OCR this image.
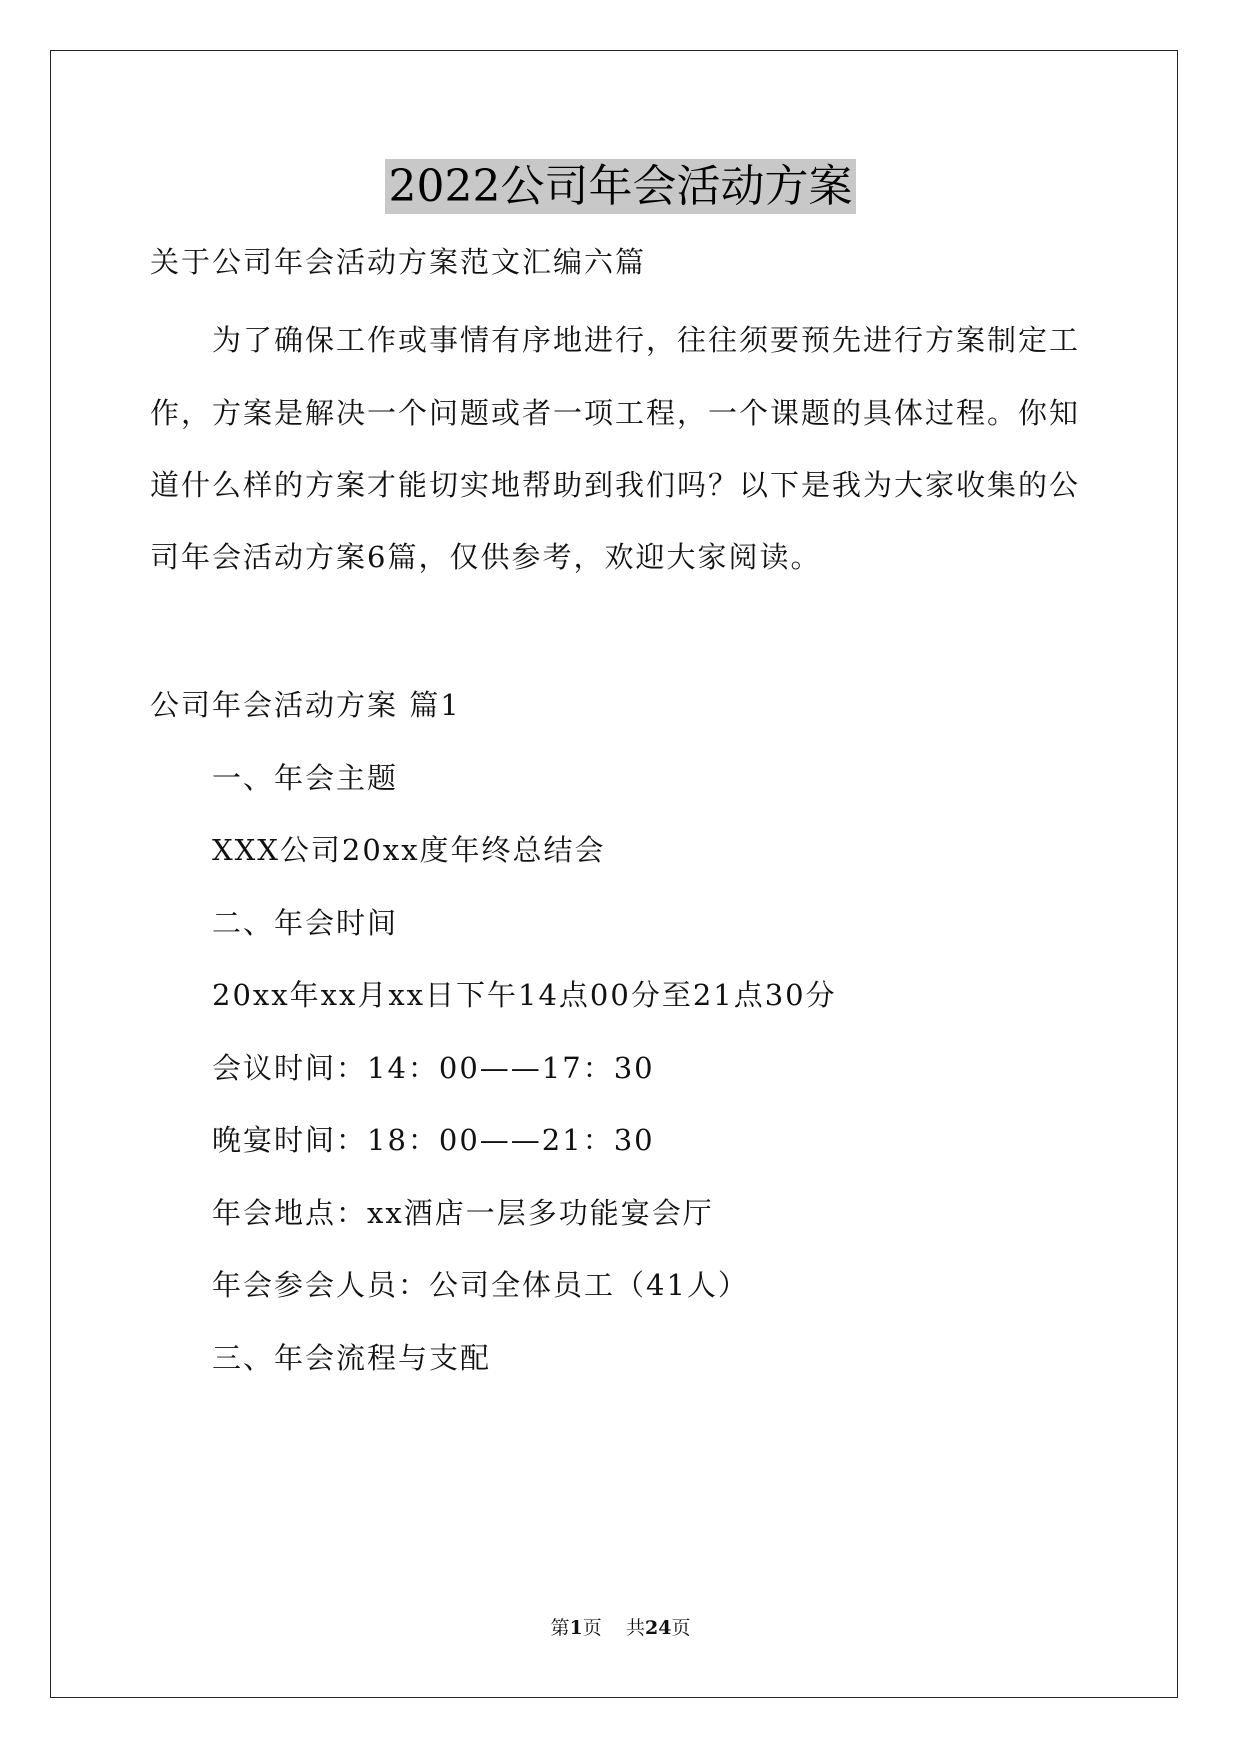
2022公司年会活动方案
关于公司年会活动方案范文汇编六篇
为了确保工作或事情有序地进行，往往须要预先进行方案制定工
作，方案是解决一个问题或者一项工程，一个课题的具体过程。你知
道什么样的方案才能切实地帮助到我们吗？以下是我为大家收集的公
司年会活动方案6篇，仅供参考，欢迎大家阅读。
公司年会活动方案 篇1
一、年会主题
XXX公司20xx度年终总结会
二、年会时间
20xx年xx月xx日下午14点00分至21点30分
会议时间：14：00——17：30
晚宴时间：18：00——21：30
年会地点：xx酒店一层多功能宴会厅
年会参会人员：公司全体员工（41人）
三、年会流程与支配
第1页 共24页
